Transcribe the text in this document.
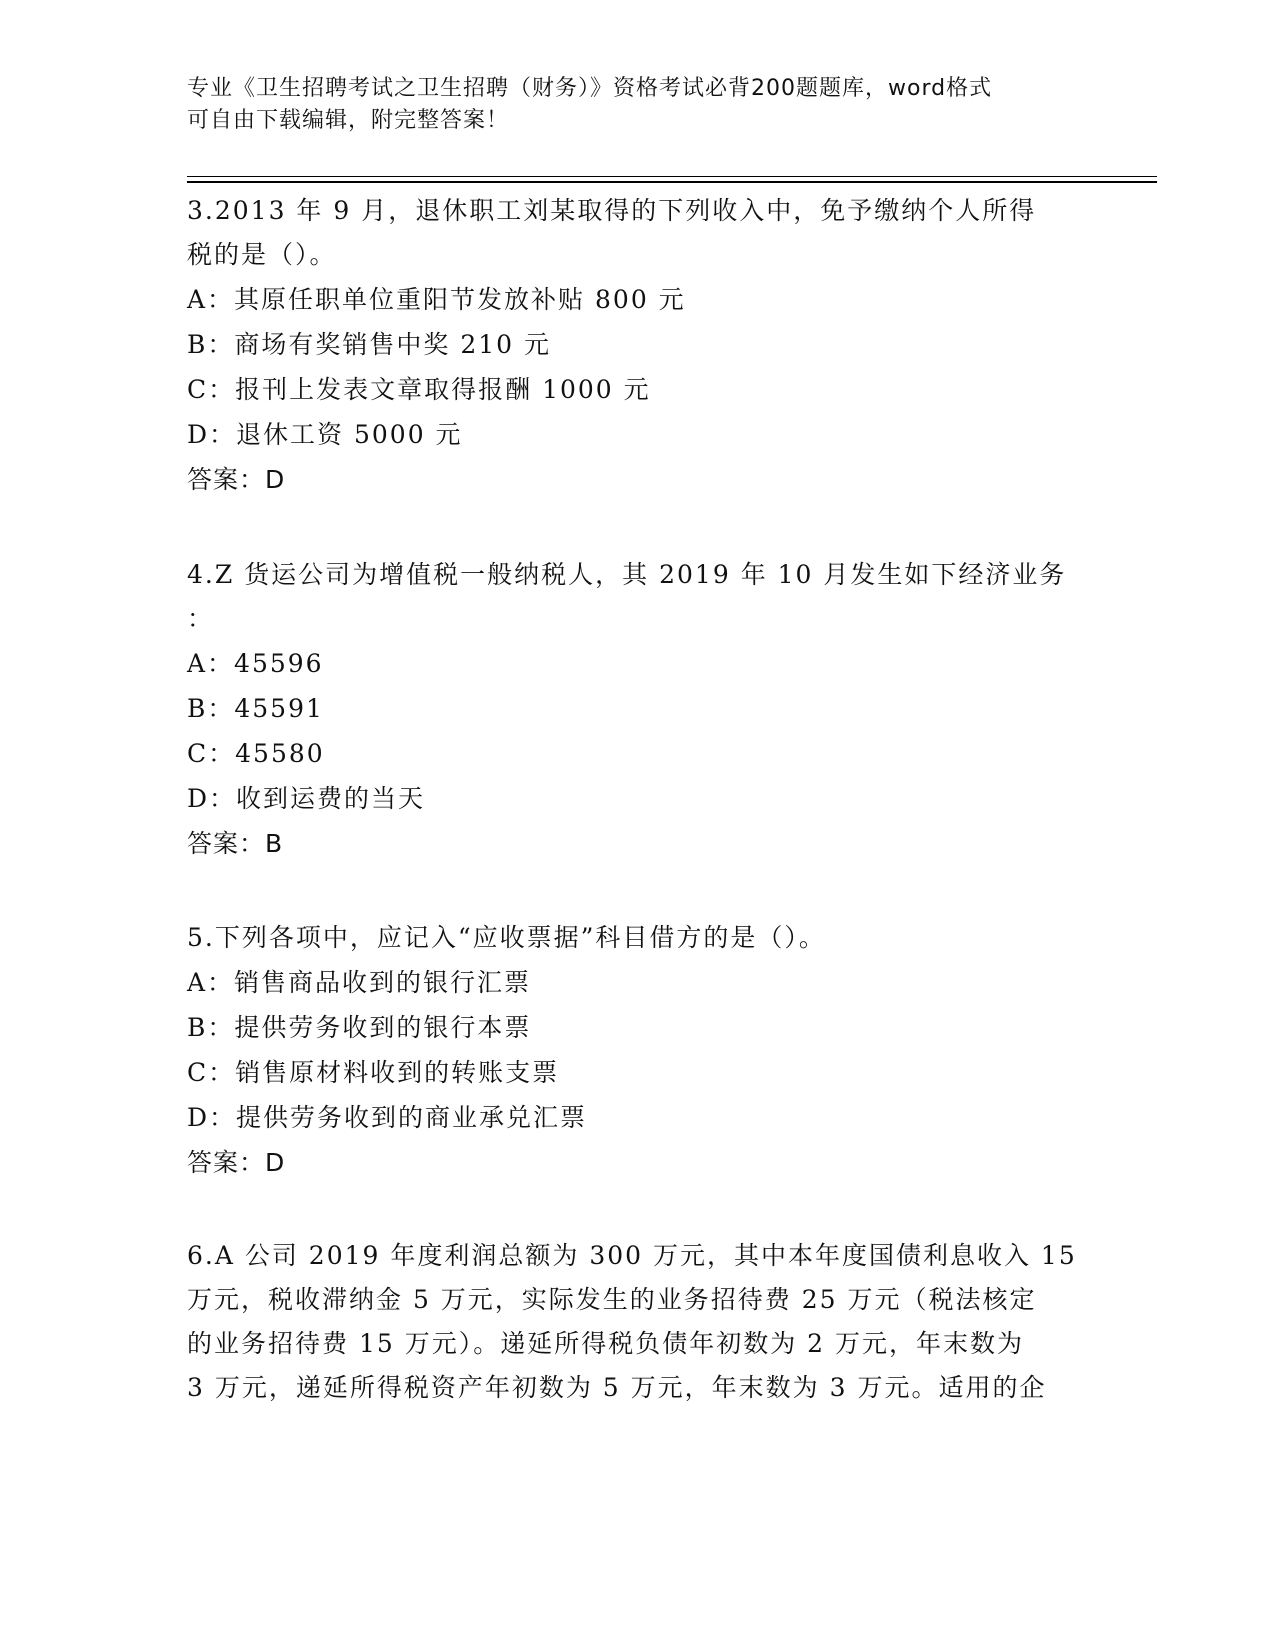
专业《卫生招聘考试之卫生招聘（财务）》资格考试必背200题题库，word格式
可自由下载编辑，附完整答案！

3.2013 年 9 月，退休职工刘某取得的下列收入中，免予缴纳个人所得

税的是（）。

A：其原任职单位重阳节发放补贴 800 元

B：商场有奖销售中奖 210 元

C：报刊上发表文章取得报酬 1000 元

D：退休工资 5000 元

答案：D

4.Z 货运公司为增值税一般纳税人，其 2019 年 10 月发生如下经济业务

：

A：45596

B：45591

C：45580

D：收到运费的当天

答案：B

5.下列各项中，应记入“应收票据”科目借方的是（）。

A：销售商品收到的银行汇票

B：提供劳务收到的银行本票

C：销售原材料收到的转账支票

D：提供劳务收到的商业承兑汇票

答案：D

6.A 公司 2019 年度利润总额为 300 万元，其中本年度国债利息收入 15

万元，税收滞纳金 5 万元，实际发生的业务招待费 25 万元（税法核定

的业务招待费 15 万元）。递延所得税负债年初数为 2 万元，年末数为

3 万元，递延所得税资产年初数为 5 万元，年末数为 3 万元。适用的企
